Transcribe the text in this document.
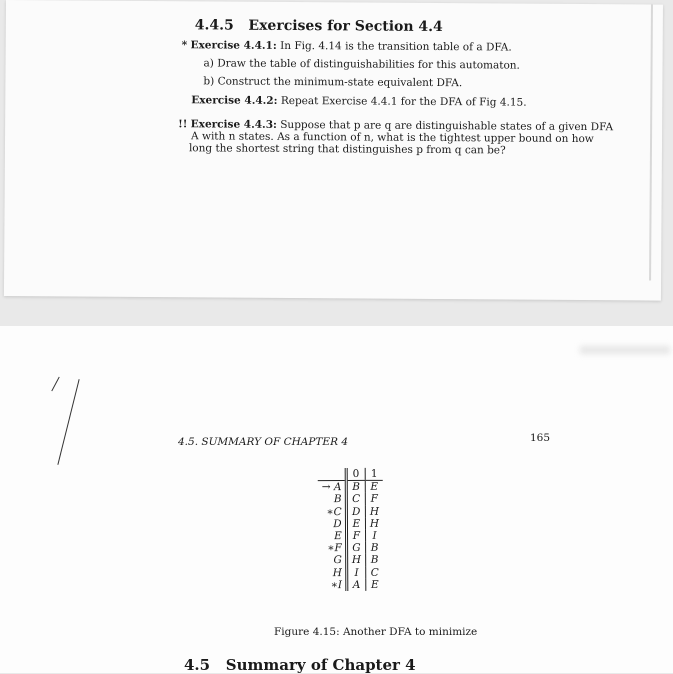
4.4.5 Exercises for Section 4.4
* Exercise 4.4.1: In Fig. 4.14 is the transition table of a DFA.
a) Draw the table of distinguishabilities for this automaton.
b) Construct the minimum-state equivalent DFA.
Exercise 4.4.2: Repeat Exercise 4.4.1 for the DFA of Fig 4.15.
!! Exercise 4.4.3: Suppose that p are q are distinguishable states of a given DFA
A with n states. As a function of n, what is the tightest upper bound on how
long the shortest string that distinguishes p from q can be?
4.5. SUMMARY OF CHAPTER 4	165
	0	1
→ A	B	E
B	C	F
∗C	D	H
D	E	H
E	F	I
∗F	G	B
G	H	B
H	I	C
∗I	A	E
Figure 4.15: Another DFA to minimize
4.5 Summary of Chapter 4
